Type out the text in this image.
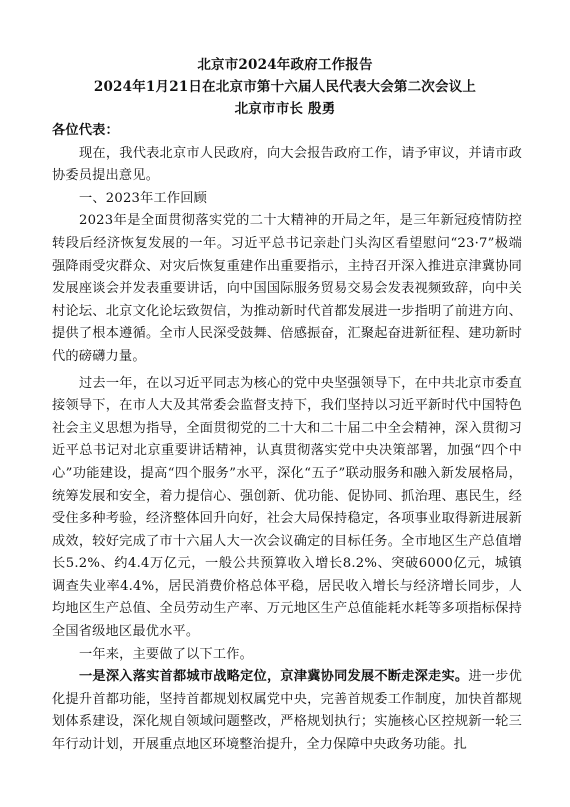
北京市2024年政府工作报告
2024年1月21日在北京市第十六届人民代表大会第二次会议上
北京市市长 殷勇

各位代表：

现在，我代表北京市人民政府，向大会报告政府工作，请予审议，并请市政协委员提出意见。

一、2023年工作回顾

2023年是全面贯彻落实党的二十大精神的开局之年，是三年新冠疫情防控转段后经济恢复发展的一年。习近平总书记亲赴门头沟区看望慰问“23·7”极端强降雨受灾群众、对灾后恢复重建作出重要指示，主持召开深入推进京津冀协同发展座谈会并发表重要讲话，向中国国际服务贸易交易会发表视频致辞，向中关村论坛、北京文化论坛致贺信，为推动新时代首都发展进一步指明了前进方向、提供了根本遵循。全市人民深受鼓舞、倍感振奋，汇聚起奋进新征程、建功新时代的磅礴力量。

过去一年，在以习近平同志为核心的党中央坚强领导下，在中共北京市委直接领导下，在市人大及其常委会监督支持下，我们坚持以习近平新时代中国特色社会主义思想为指导，全面贯彻党的二十大和二十届二中全会精神，深入贯彻习近平总书记对北京重要讲话精神，认真贯彻落实党中央决策部署，加强“四个中心”功能建设，提高“四个服务”水平，深化“五子”联动服务和融入新发展格局，统筹发展和安全，着力提信心、强创新、优功能、促协同、抓治理、惠民生，经受住多种考验，经济整体回升向好，社会大局保持稳定，各项事业取得新进展新成效，较好完成了市十六届人大一次会议确定的目标任务。全市地区生产总值增长5.2%、约4.4万亿元，一般公共预算收入增长8.2%、突破6000亿元，城镇调查失业率4.4%，居民消费价格总体平稳，居民收入增长与经济增长同步，人均地区生产总值、全员劳动生产率、万元地区生产总值能耗水耗等多项指标保持全国省级地区最优水平。

一年来，主要做了以下工作。

一是深入落实首都城市战略定位，京津冀协同发展不断走深走实。进一步优化提升首都功能，坚持首都规划权属党中央，完善首规委工作制度，加快首都规划体系建设，深化规自领域问题整改，严格规划执行；实施核心区控规新一轮三年行动计划，开展重点地区环境整治提升，全力保障中央政务功能。扎
